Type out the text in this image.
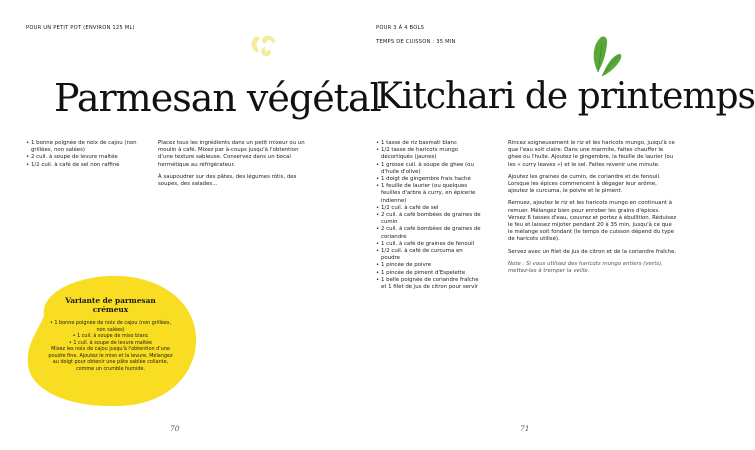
POUR UN PETIT POT (ENVIRON 125 ML)
Parmesan végétal
• 1 bonne poignée de noix de cajou (non grillées, non salées)
• 2 cuil. à soupe de levure maltée
• 1/2 cuil. à café de sel non raffiné

Placez tous les ingrédients dans un petit mixeur ou un moulin à café. Mixez par à-coups jusqu'à l'obtention d'une texture sableuse. Conservez dans un bocal hermétique au réfrigérateur.

À saupoudrer sur des pâtes, des légumes rôtis, des soupes, des salades…

Variante de parmesan crémeux
• 1 bonne poignée de noix de cajou (non grillées, non salées)
• 1 cuil. à soupe de miso blanc
• 1 cuil. à soupe de levure maltée
Mixez les noix de cajou jusqu'à l'obtention d'une poudre fine. Ajoutez le miso et la levure. Mélangez au doigt pour obtenir une pâte sablée collante, comme un crumble humide.
70
POUR 3 À 4 BOLS
TEMPS DE CUISSON : 35 MIN
Kitchari de printemps
• 1 tasse de riz basmati blanc
• 1/2 tasse de haricots mungo décortiqués (jaunes)
• 1 grosse cuil. à soupe de ghee (ou d'huile d'olive)
• 1 doigt de gingembre frais haché
• 1 feuille de laurier (ou quelques feuilles d'arbre à curry, en épicerie indienne)
• 1/2 cuil. à café de sel
• 2 cuil. à café bombées de graines de cumin
• 2 cuil. à café bombées de graines de coriandre
• 1 cuil. à café de graines de fenouil
• 1/2 cuil. à café de curcuma en poudre
• 1 pincée de poivre
• 1 pincée de piment d'Espelette
• 1 belle poignée de coriandre fraîche et 1 filet de jus de citron pour servir

Rincez soigneusement le riz et les haricots mungo, jusqu'à ce que l'eau soit claire. Dans une marmite, faites chauffer le ghee ou l'huile. Ajoutez le gingembre, la feuille de laurier (ou les « curry leaves ») et le sel. Faites revenir une minute.

Ajoutez les graines de cumin, de coriandre et de fenouil. Lorsque les épices commencent à dégager leur arôme, ajoutez le curcuma, le poivre et le piment.

Remuez, ajoutez le riz et les haricots mungo en continuant à remuer. Mélangez bien pour enrober les grains d'épices. Versez 6 tasses d'eau, couvrez et portez à ébullition. Réduisez le feu et laissez mijoter pendant 20 à 35 min, jusqu'à ce que le mélange soit fondant (le temps de cuisson dépend du type de haricots utilisé).

Servez avec un filet de jus de citron et de la coriandre fraîche.

Note : Si vous utilisez des haricots mungo entiers (verts), mettez-les à tremper la veille.

71
